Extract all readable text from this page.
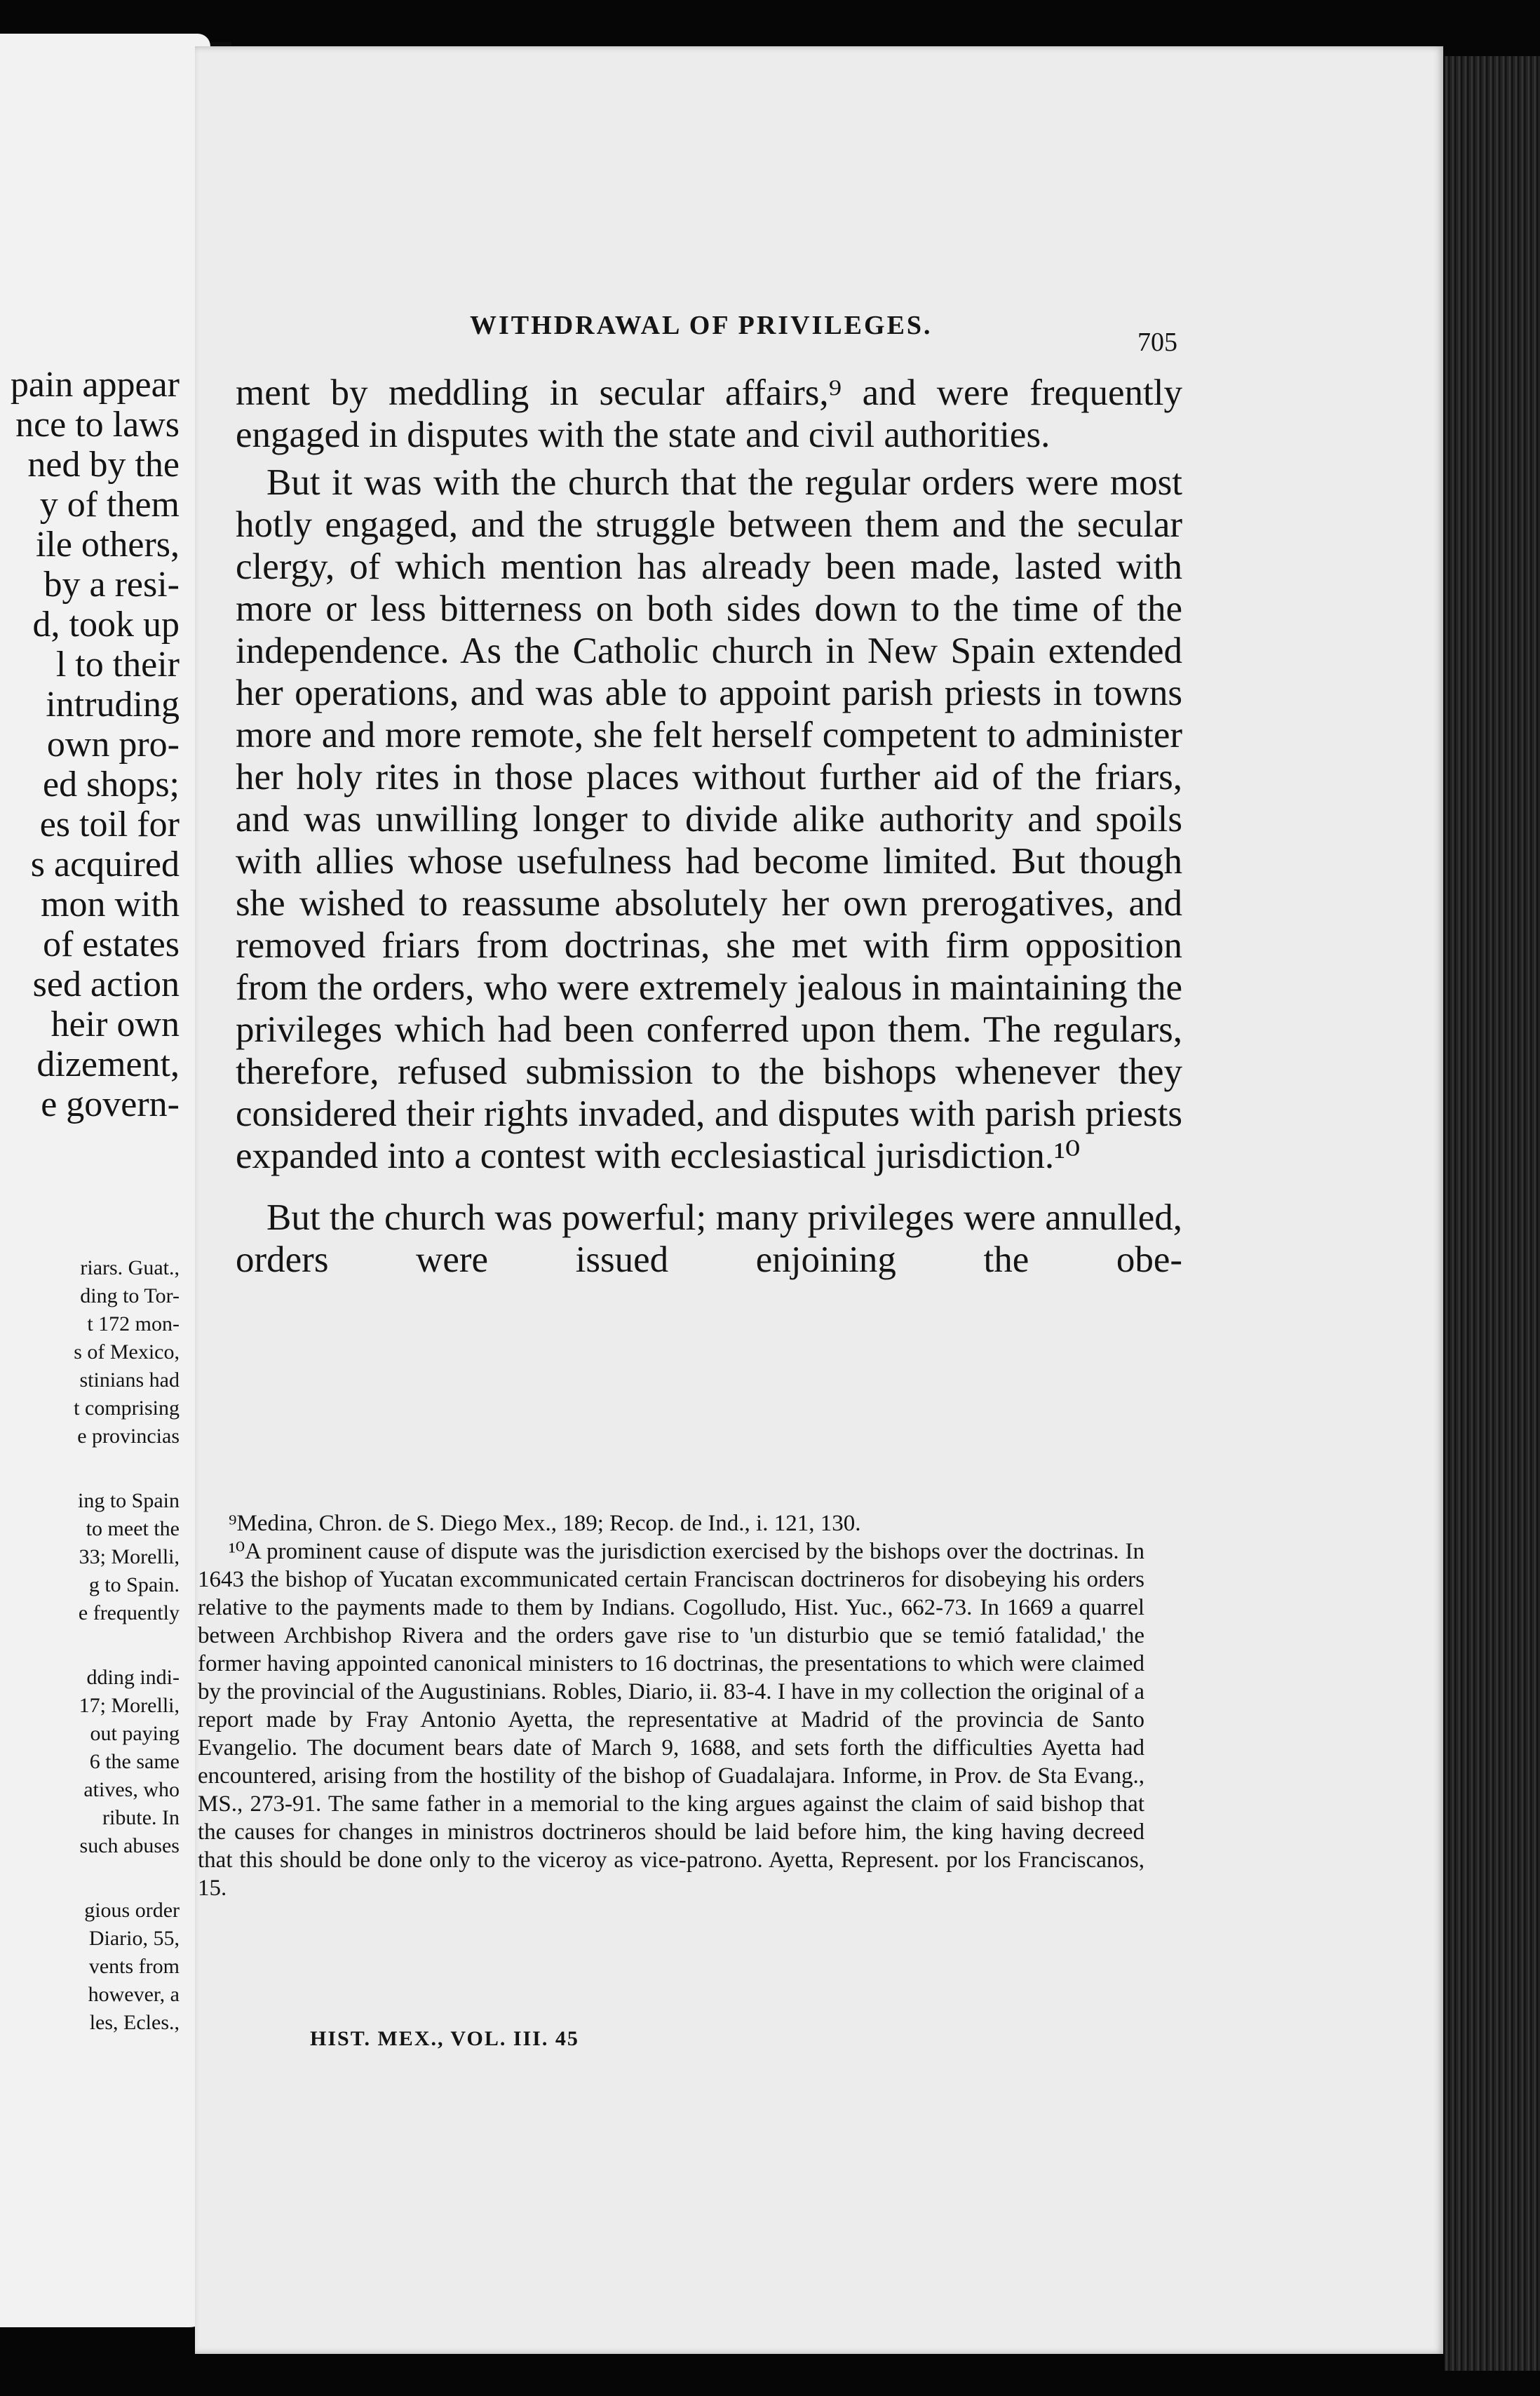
pain appear
nce to laws
ned by the
y of them
ile others,
by a resi-
d, took up
l to their
intruding
own pro-
ed shops;
es toil for
s acquired
mon with
of estates
sed action
heir own
dizement,
e govern-
riars. Guat.,
ding to Tor-
t 172 mon-
s of Mexico,
stinians had
t comprising
e provincias
ing to Spain
to meet the
33; Morelli,
g to Spain.
e frequently
dding indi-
17; Morelli,
out paying
6 the same
atives, who
ribute. In
such abuses
gious order
Diario, 55,
vents from
however, a
les, Ecles.,
WITHDRAWAL OF PRIVILEGES.
705

ment by meddling in secular affairs,⁹ and were frequently engaged in disputes with the state and civil authorities.

But it was with the church that the regular orders were most hotly engaged, and the struggle between them and the secular clergy, of which mention has already been made, lasted with more or less bitterness on both sides down to the time of the independence. As the Catholic church in New Spain extended her operations, and was able to appoint parish priests in towns more and more remote, she felt herself competent to administer her holy rites in those places without further aid of the friars, and was unwilling longer to divide alike authority and spoils with allies whose usefulness had become limited. But though she wished to reassume absolutely her own prerogatives, and removed friars from doctrinas, she met with firm opposition from the orders, who were extremely jealous in maintaining the privileges which had been conferred upon them. The regulars, therefore, refused submission to the bishops whenever they considered their rights invaded, and disputes with parish priests expanded into a contest with ecclesiastical jurisdiction.¹⁰

But the church was powerful; many privileges were annulled, orders were issued enjoining the obe-

⁹Medina, Chron. de S. Diego Mex., 189; Recop. de Ind., i. 121, 130.

¹⁰A prominent cause of dispute was the jurisdiction exercised by the bishops over the doctrinas. In 1643 the bishop of Yucatan excommunicated certain Franciscan doctrineros for disobeying his orders relative to the payments made to them by Indians. Cogolludo, Hist. Yuc., 662-73. In 1669 a quarrel between Archbishop Rivera and the orders gave rise to 'un disturbio que se temió fatalidad,' the former having appointed canonical ministers to 16 doctrinas, the presentations to which were claimed by the provincial of the Augustinians. Robles, Diario, ii. 83-4. I have in my collection the original of a report made by Fray Antonio Ayetta, the representative at Madrid of the provincia de Santo Evangelio. The document bears date of March 9, 1688, and sets forth the difficulties Ayetta had encountered, arising from the hostility of the bishop of Guadalajara. Informe, in Prov. de Sta Evang., MS., 273-91. The same father in a memorial to the king argues against the claim of said bishop that the causes for changes in ministros doctrineros should be laid before him, the king having decreed that this should be done only to the viceroy as vice-patrono. Ayetta, Represent. por los Franciscanos, 15.

HIST. MEX., VOL. III. 45
